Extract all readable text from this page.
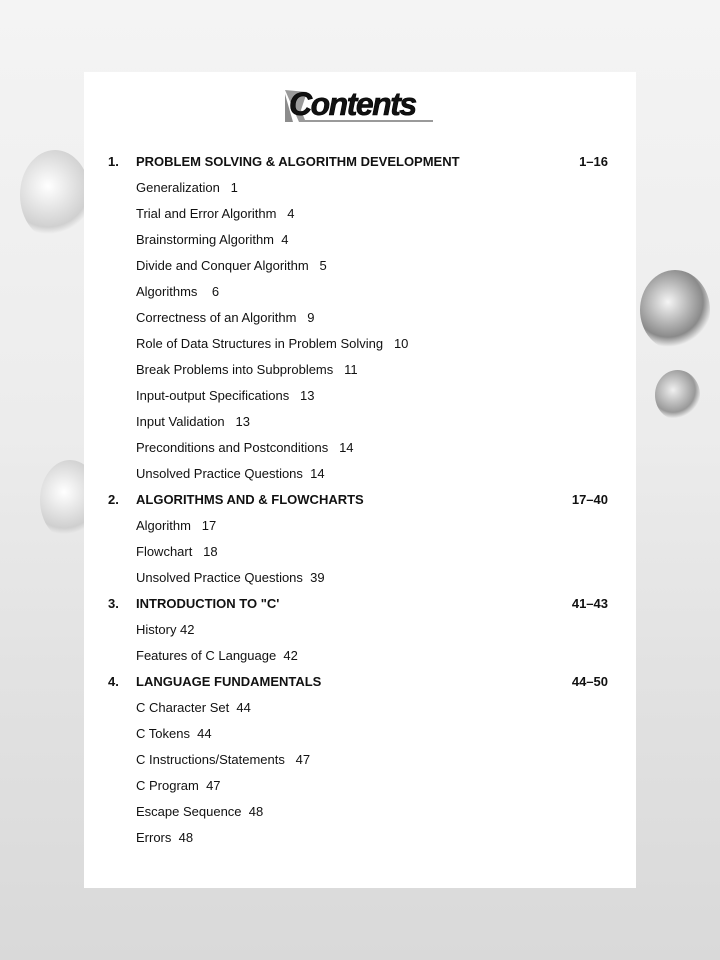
Contents
1. PROBLEM SOLVING & ALGORITHM DEVELOPMENT	1–16
Generalization   1
Trial and Error Algorithm   4
Brainstorming Algorithm  4
Divide and Conquer Algorithm   5
Algorithms    6
Correctness of an Algorithm   9
Role of Data Structures in Problem Solving   10
Break Problems into Subproblems   11
Input-output Specifications   13
Input Validation   13
Preconditions and Postconditions   14
Unsolved Practice Questions  14
2. ALGORITHMS AND & FLOWCHARTS	17–40
Algorithm   17
Flowchart   18
Unsolved Practice Questions  39
3. INTRODUCTION TO "C'	41–43
History 42
Features of C Language  42
4. LANGUAGE FUNDAMENTALS	44–50
C Character Set  44
C Tokens  44
C Instructions/Statements   47
C Program  47
Escape Sequence  48
Errors  48
